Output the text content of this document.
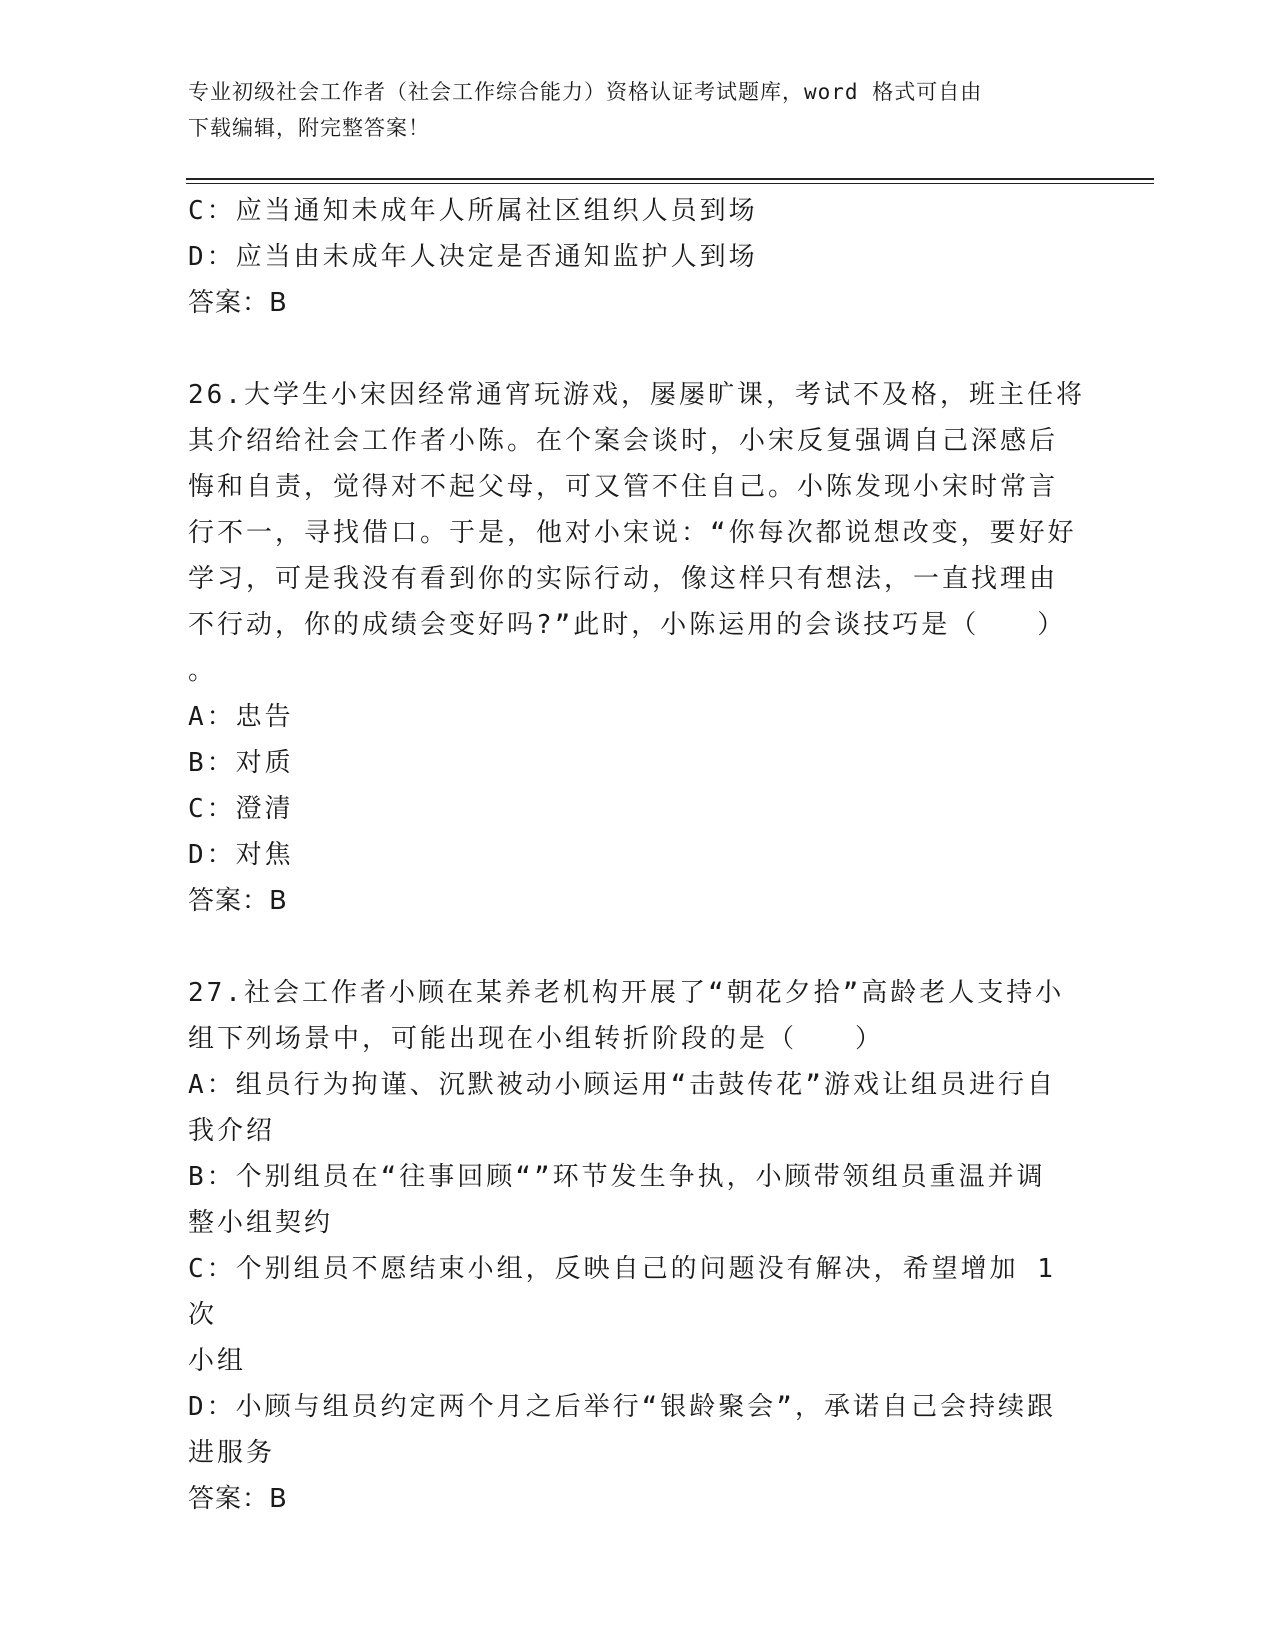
专业初级社会工作者（社会工作综合能力）资格认证考试题库，word 格式可自由
下载编辑，附完整答案！
C：应当通知未成年人所属社区组织人员到场
D：应当由未成年人决定是否通知监护人到场
答案：B
26.大学生小宋因经常通宵玩游戏，屡屡旷课，考试不及格，班主任将
其介绍给社会工作者小陈。在个案会谈时，小宋反复强调自己深感后
悔和自责，觉得对不起父母，可又管不住自己。小陈发现小宋时常言
行不一，寻找借口。于是，他对小宋说：“你每次都说想改变，要好好
学习，可是我没有看到你的实际行动，像这样只有想法，一直找理由
不行动，你的成绩会变好吗?”此时，小陈运用的会谈技巧是（　　）
。
A：忠告
B：对质
C：澄清
D：对焦
答案：B
27.社会工作者小顾在某养老机构开展了“朝花夕拾”高龄老人支持小
组下列场景中，可能出现在小组转折阶段的是（　　）
A：组员行为拘谨、沉默被动小顾运用“击鼓传花”游戏让组员进行自
我介绍
B：个别组员在“往事回顾“”环节发生争执，小顾带领组员重温并调
整小组契约
C：个别组员不愿结束小组，反映自己的问题没有解决，希望增加 1 次
小组
D：小顾与组员约定两个月之后举行“银龄聚会”，承诺自己会持续跟
进服务
答案：B
